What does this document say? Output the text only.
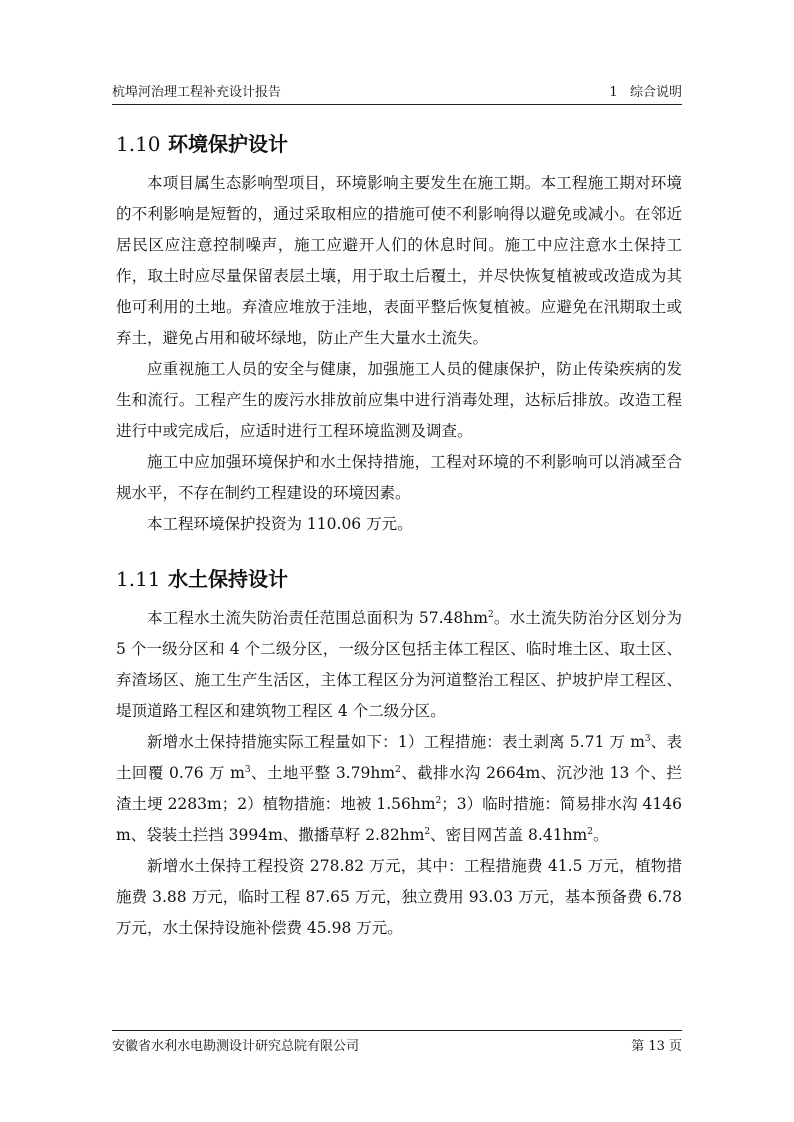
杭埠河治理工程补充设计报告	1   综合说明
1.10 环境保护设计

本项目属生态影响型项目，环境影响主要发生在施工期。本工程施工期对环境的不利影响是短暂的，通过采取相应的措施可使不利影响得以避免或减小。在邻近居民区应注意控制噪声，施工应避开人们的休息时间。施工中应注意水土保持工作，取土时应尽量保留表层土壤，用于取土后覆土，并尽快恢复植被或改造成为其他可利用的土地。弃渣应堆放于洼地，表面平整后恢复植被。应避免在汛期取土或弃土，避免占用和破坏绿地，防止产生大量水土流失。

应重视施工人员的安全与健康，加强施工人员的健康保护，防止传染疾病的发生和流行。工程产生的废污水排放前应集中进行消毒处理，达标后排放。改造工程进行中或完成后，应适时进行工程环境监测及调查。

施工中应加强环境保护和水土保持措施，工程对环境的不利影响可以消减至合规水平，不存在制约工程建设的环境因素。

本工程环境保护投资为 110.06 万元。

1.11 水土保持设计

本工程水土流失防治责任范围总面积为 $57.48hm^2$。水土流失防治分区划分为 5 个一级分区和 4 个二级分区，一级分区包括主体工程区、临时堆土区、取土区、弃渣场区、施工生产生活区，主体工程区分为河道整治工程区、护坡护岸工程区、堤顶道路工程区和建筑物工程区 4 个二级分区。

新增水土保持措施实际工程量如下：1）工程措施：表土剥离 5.71 万 $m^3$、表土回覆 0.76 万 $m^3$、土地平整 $3.79hm^2$、截排水沟 2664m、沉沙池 13 个、拦渣土埂 2283m；2）植物措施：地被 $1.56hm^2$；3）临时措施：简易排水沟 4146m、袋装土拦挡 3994m、撒播草籽 $2.82hm^2$、密目网苫盖 $8.41hm^2$。

新增水土保持工程投资 278.82 万元，其中：工程措施费 41.5 万元，植物措施费 3.88 万元，临时工程 87.65 万元，独立费用 93.03 万元，基本预备费 6.78 万元，水土保持设施补偿费 45.98 万元。

安徽省水利水电勘测设计研究总院有限公司	第 13 页
